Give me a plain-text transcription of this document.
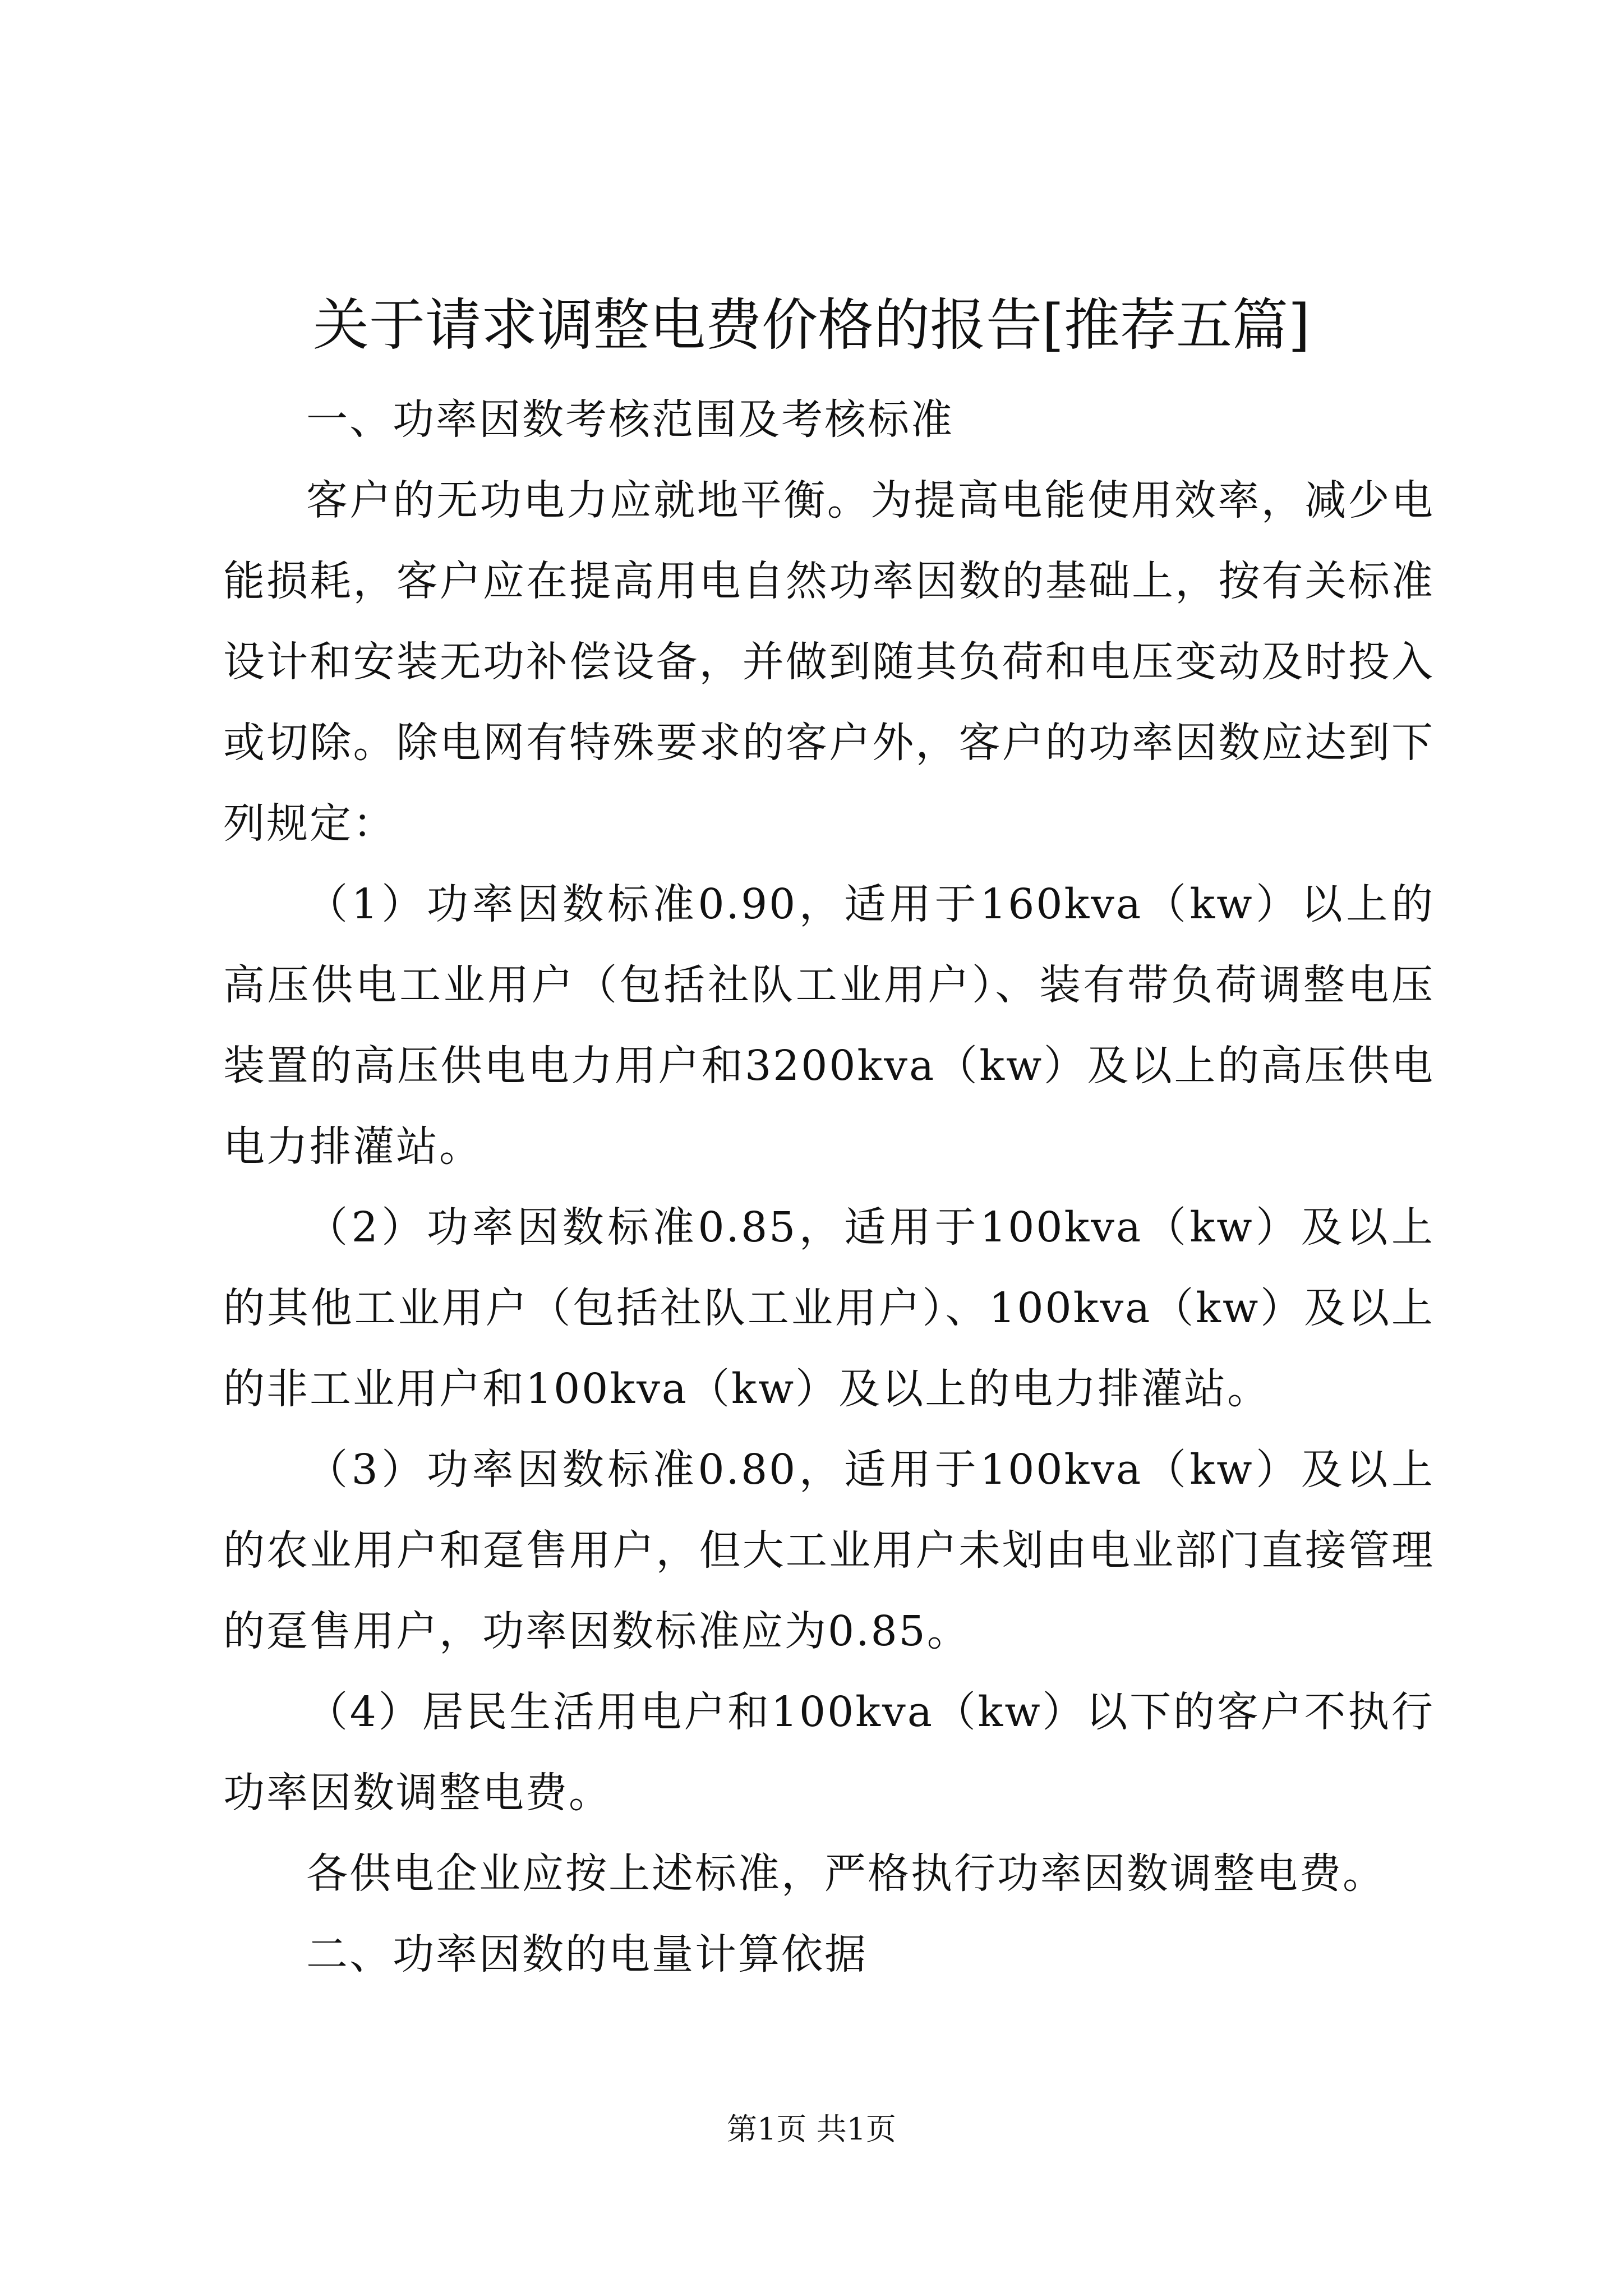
关于请求调整电费价格的报告[推荐五篇]

一、功率因数考核范围及考核标准

客户的无功电力应就地平衡。为提高电能使用效率，减少电能损耗，客户应在提高用电自然功率因数的基础上，按有关标准设计和安装无功补偿设备，并做到随其负荷和电压变动及时投入或切除。除电网有特殊要求的客户外，客户的功率因数应达到下列规定：

（1）功率因数标准0.90，适用于160kva（kw）以上的高压供电工业用户（包括社队工业用户）、装有带负荷调整电压装置的高压供电电力用户和3200kva（kw）及以上的高压供电电力排灌站。

（2）功率因数标准0.85，适用于100kva（kw）及以上的其他工业用户（包括社队工业用户）、100kva（kw）及以上的非工业用户和100kva（kw）及以上的电力排灌站。

（3）功率因数标准0.80，适用于100kva（kw）及以上的农业用户和趸售用户，但大工业用户未划由电业部门直接管理的趸售用户，功率因数标准应为0.85。

（4）居民生活用电户和100kva（kw）以下的客户不执行功率因数调整电费。

各供电企业应按上述标准，严格执行功率因数调整电费。

二、功率因数的电量计算依据

第1页 共1页
